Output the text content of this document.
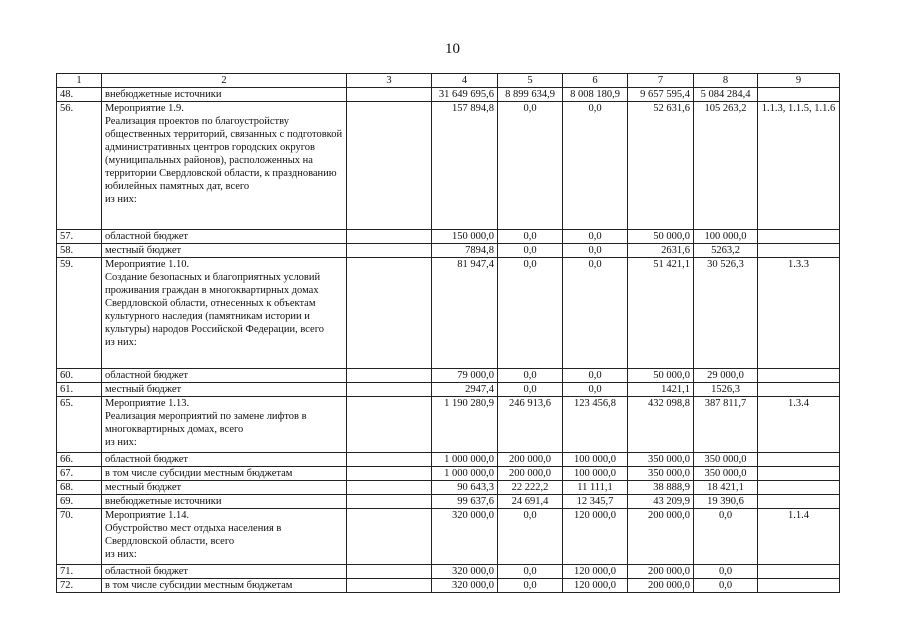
10
1	2	3	4	5	6	7	8	9
48.	внебюджетные источники		31 649 695,6	8 899 634,9	8 008 180,9	9 657 595,4	5 084 284,4	
56.	Мероприятие 1.9.
Реализация проектов по благоустройству общественных территорий, связанных с подготовкой административных центров городских округов (муниципальных районов), расположенных на территории Свердловской области, к празднованию юбилейных памятных дат, всего
из них:		157 894,8	0,0	0,0	52 631,6	105 263,2	1.1.3, 1.1.5, 1.1.6
57.	областной бюджет		150 000,0	0,0	0,0	50 000,0	100 000,0	
58.	местный бюджет		7894,8	0,0	0,0	2631,6	5263,2	
59.	Мероприятие 1.10.
Создание безопасных и благоприятных условий проживания граждан в многоквартирных домах Свердловской области, отнесенных к объектам культурного наследия (памятникам истории и культуры) народов Российской Федерации, всего
из них:		81 947,4	0,0	0,0	51 421,1	30 526,3	1.3.3
60.	областной бюджет		79 000,0	0,0	0,0	50 000,0	29 000,0	
61.	местный бюджет		2947,4	0,0	0,0	1421,1	1526,3	
65.	Мероприятие 1.13.
Реализация мероприятий по замене лифтов в многоквартирных домах, всего
из них:		1 190 280,9	246 913,6	123 456,8	432 098,8	387 811,7	1.3.4
66.	областной бюджет		1 000 000,0	200 000,0	100 000,0	350 000,0	350 000,0	
67.	в том числе субсидии местным бюджетам		1 000 000,0	200 000,0	100 000,0	350 000,0	350 000,0	
68.	местный бюджет		90 643,3	22 222,2	11 111,1	38 888,9	18 421,1	
69.	внебюджетные источники		99 637,6	24 691,4	12 345,7	43 209,9	19 390,6	
70.	Мероприятие 1.14.
Обустройство мест отдыха населения в Свердловской области, всего
из них:		320 000,0	0,0	120 000,0	200 000,0	0,0	1.1.4
71.	областной бюджет		320 000,0	0,0	120 000,0	200 000,0	0,0	
72.	в том числе субсидии местным бюджетам		320 000,0	0,0	120 000,0	200 000,0	0,0	
